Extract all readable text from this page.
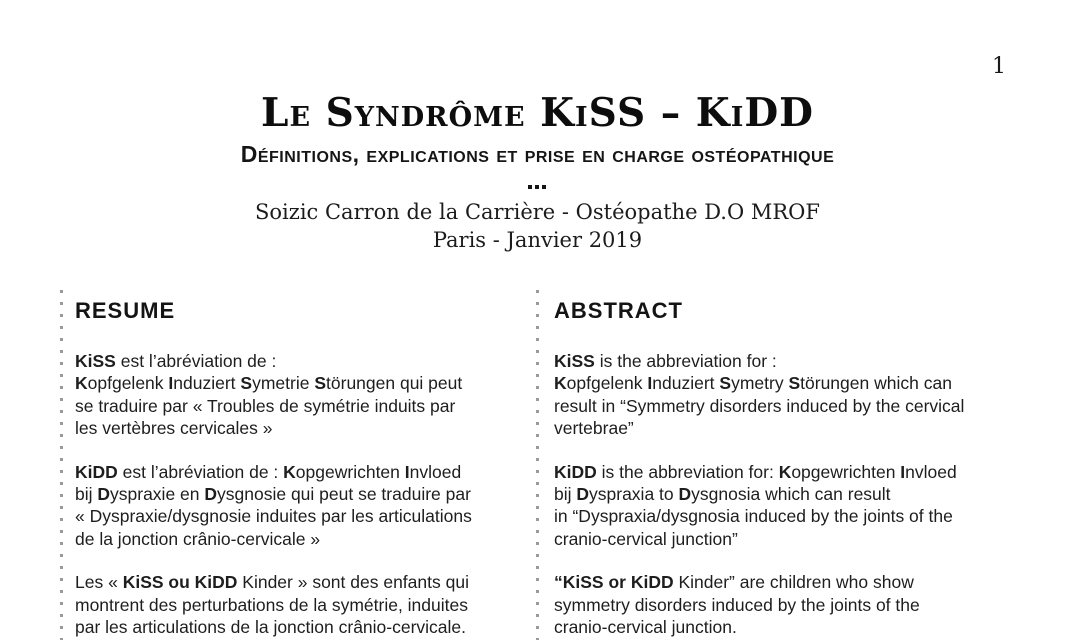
1
Le Syndrôme KiSS – KiDD
Définitions, explications et prise en charge ostéopathique
Soizic Carron de la Carrière - Ostéopathe D.O MROF
Paris - Janvier 2019
RESUME

KiSS est l’abréviation de :
Kopfgelenk Induziert Symetrie Störungen qui peut
se traduire par « Troubles de symétrie induits par
les vertèbres cervicales »

KiDD est l’abréviation de : Kopgewrichten Invloed
bij Dyspraxie en Dysgnosie qui peut se traduire par
« Dyspraxie/dysgnosie induites par les articulations
de la jonction crânio-cervicale »

Les « KiSS ou KiDD Kinder » sont des enfants qui
montrent des perturbations de la symétrie, induites
par les articulations de la jonction crânio-cervicale.

ABSTRACT

KiSS is the abbreviation for :
Kopfgelenk Induziert Symetry Störungen which can
result in “Symmetry disorders induced by the cervical
vertebrae”

KiDD is the abbreviation for: Kopgewrichten Invloed
bij Dyspraxia to Dysgnosia which can result
in “Dyspraxia/dysgnosia induced by the joints of the
cranio-cervical junction”

“KiSS or KiDD Kinder” are children who show
symmetry disorders induced by the joints of the
cranio-cervical junction.
